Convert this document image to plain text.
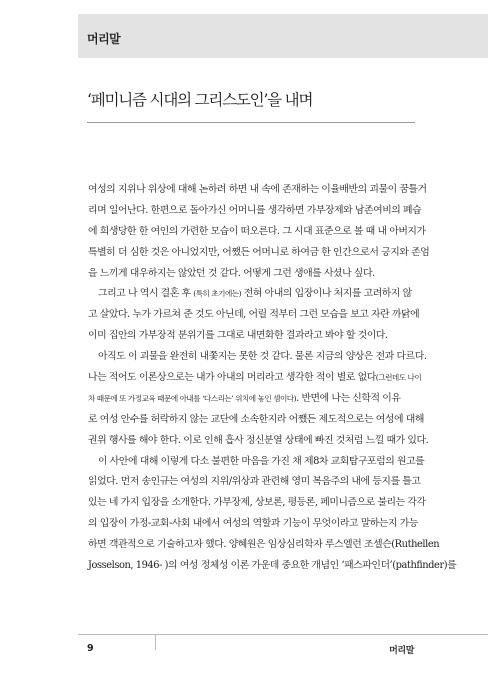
머리말
‘페미니즘 시대의 그리스도인’을 내며
여성의 지위나 위상에 대해 논하려 하면 내 속에 존재하는 이율배반의 괴물이 꿈틀거
리며 일어난다. 한편으로 돌아가신 어머니를 생각하면 가부장제와 남존여비의 폐습
에 희생당한 한 여인의 가련한 모습이 떠오른다. 그 시대 표준으로 볼 때 내 아버지가
특별히 더 심한 것은 아니었지만, 어쨌든 어머니로 하여금 한 인간으로서 긍지와 존엄
을 느끼게 대우하지는 않았던 것 같다. 어떻게 그런 생애를 사셨나 싶다.
그리고 나 역시 결혼 후 (특히 초기에는) 전혀 아내의 입장이나 처지를 고려하지 않
고 살았다. 누가 가르쳐 준 것도 아닌데, 어릴 적부터 그런 모습을 보고 자란 까닭에
이미 집안의 가부장적 분위기를 그대로 내면화한 결과라고 봐야 할 것이다.
아직도 이 괴물을 완전히 내쫓지는 못한 것 같다. 물론 지금의 양상은 전과 다르다.
나는 적어도 이론상으로는 내가 아내의 머리라고 생각한 적이 별로 없다(그런데도 나이
차 때문에 또 가정교육 때문에 아내를 ‘다스리는’ 위치에 놓인 셈이다). 반면에 나는 신학적 이유
로 여성 안수를 허락하지 않는 교단에 소속한지라 어쨌든 제도적으로는 여성에 대해
권위 행사를 해야 한다. 이로 인해 흡사 정신분열 상태에 빠진 것처럼 느낄 때가 있다.
이 사안에 대해 이렇게 다소 불편한 마음을 가진 채 제8차 교회탐구포럼의 원고를
읽었다. 먼저 송인규는 여성의 지위/위상과 관련해 영미 복음주의 내에 등지를 틀고
있는 네 가지 입장을 소개한다. 가부장제, 상보론, 평등론, 페미니즘으로 불리는 각각
의 입장이 가정-교회-사회 내에서 여성의 역할과 기능이 무엇이라고 말하는지 가능
하면 객관적으로 기술하고자 했다. 양혜원은 임상심리학자 루스엘런 조셀슨(Ruthellen
Josselson, 1946- )의 여성 정체성 이론 가운데 중요한 개념인 ‘패스파인더’(pathfinder)를
9	머리말
